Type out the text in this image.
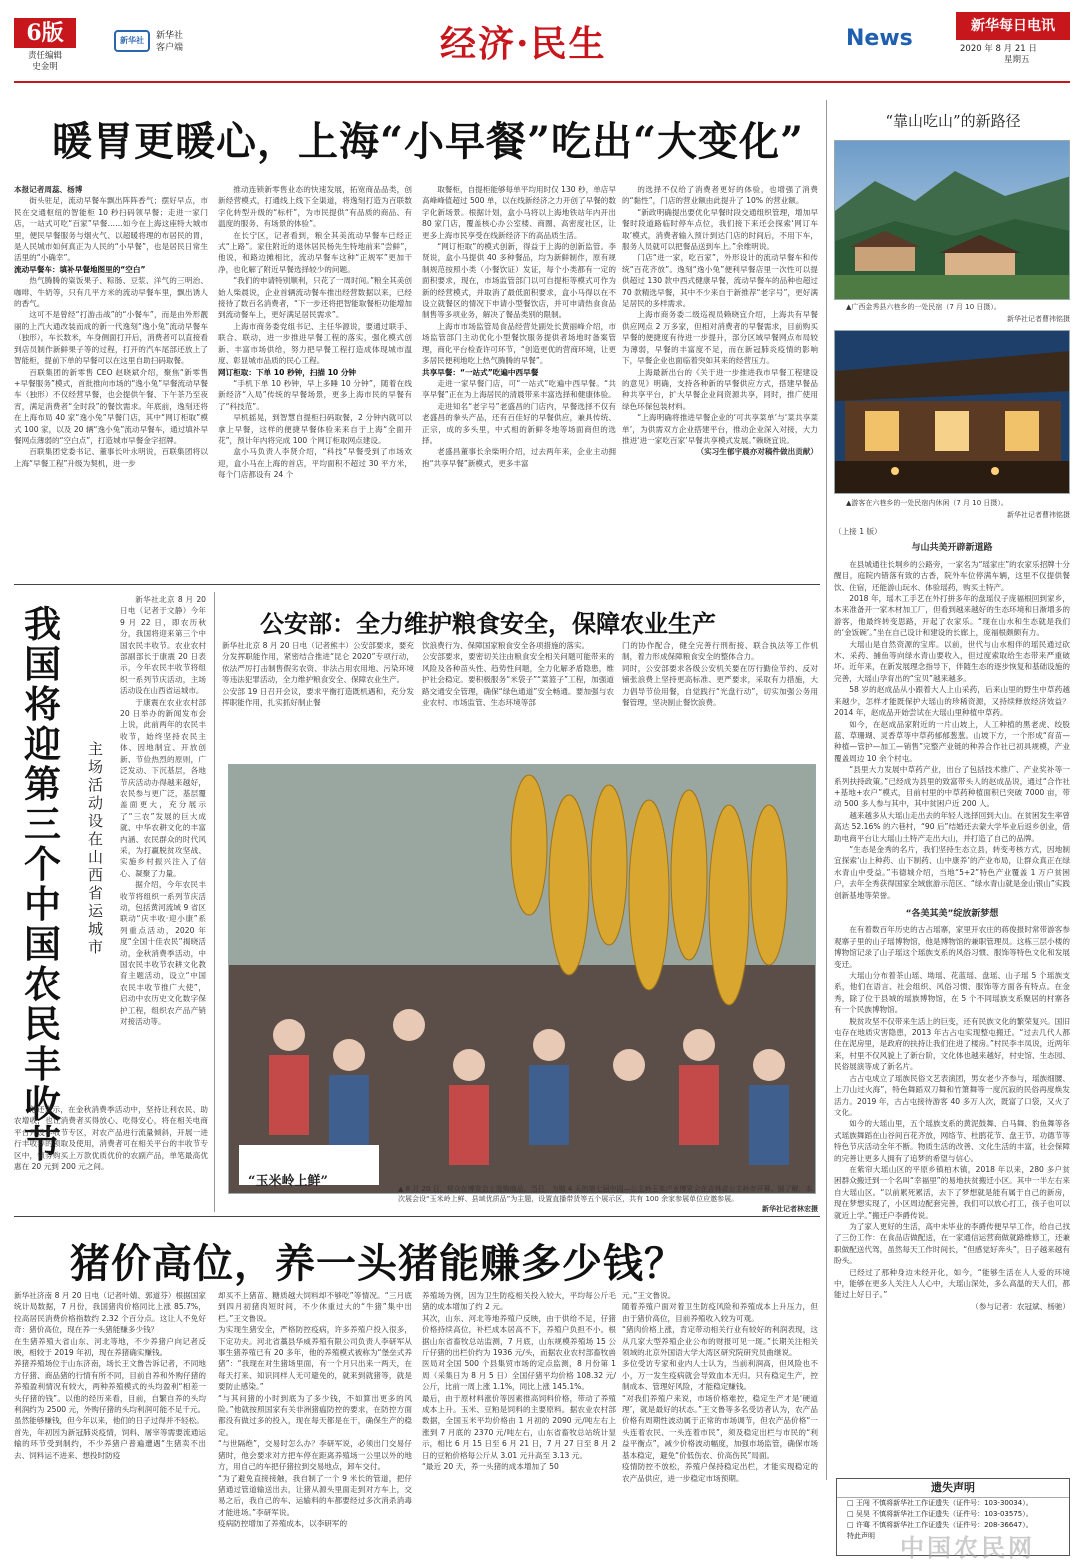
6版
责任编辑
史金明
新华社	新华社
客户端	经济·民生	News	新华每日电讯
2020 年 8 月 21 日
星期五
暖胃更暖心，上海“小早餐”吃出“大变化”
本报记者周蕊、杨博

街头驻足，流动早餐车飘出阵阵香气；摆好早点，市民在交通枢纽的智能柜 10 秒扫码领早餐；走进一家门店，一站式可吃“百家”早餐……如今在上海这座特大城市里，便民早餐服务与烟火气、以超暖将理的布居民的胃，是人民城市如何真正为人民的“小早餐”，也是居民日常生活里的“小确幸”。

流动早餐车：填补早餐地图里的“空白”

热气腾腾的粢饭果子、粽肠、豆浆、洋气的三明治、咖啡、牛奶等，只有几平方米的流动早餐车里，飘出诱人的香气。

这可不是曾经“打游击战”的“小餐车”，而是由外形靓丽的上汽大通改装而成的新一代逸刻“逸小兔”流动早餐车（独形），车长数米，车身侧面打开后，消费者可以直接看到店员制作新鲜果子等的过程，打开的汽车尾部还放上了智能柜，提前下单的早餐可以在这里自助扫码取餐。

百联集团的新零售 CEO 赵晓斌介绍，聚焦“新零售+早餐服务”模式，首批推向市场的“逸小兔”早餐流动早餐车（独形）不仅经营早餐，也会提供午餐、下午茶乃至夜宵，满足消费者“全时段”的餐饮需求。年底前，逸刻还将在上海布局 40 家“逸小兔”早餐门店，其中“网订柜取”模式 100 家，以及 20 辆“逸小兔”流动早餐车，通过填补早餐网点薄弱的“空白点”，打造城市早餐金字招牌。

百联集团党委书记、董事长叶永明说，百联集团将以上海“早餐工程”升级为契机，进一步

推动连锁新零售业态的快速发展，拓宽商品品类，创新经营模式，打通线上线下全渠道，将逸刻打造为百联数字化转型升级的“标杆”，为市民提供“有品质的商品、有温度的服务、有场景的体验”。

在长宁区，记者看到，粮全其美流动早餐车已经正式“上路”。家住附近的退休居民杨先生特地前来“尝鲜”，他说，和路边摊相比，流动早餐车这种“正规军”更加干净，也化解了附近早餐选择较少的问题。

“我们的申请特别顺利，只花了一周时间。”粮全其美创始人柴晨说，企业首辆流动餐车推出经营数据以来，已经接待了数百名消费者，“下一步还将把智能取餐柜功能增加到流动餐车上，更好满足居民需求”。

上海市商务委党组书记、主任华源说，要通过联手、联合、联动，进一步推进早餐工程的落实，强化模式创新、丰富市场供给，努力把早餐工程打造成体现城市温度、彰显城市品质的民心工程。

网订柜取：下单 10 秒钟，扫描 10 分钟

“手机下单 10 秒钟，早上多睡 10 分钟”，随着在线新经济“入局”传统的早餐场景，更多上海市民的早餐有了“科技范”。

早机摇晃，到智慧自提柜扫码取餐，2 分钟内就可以拿上早餐，这样的便捷早餐体验来来自于上海“全面开花”，预计年内将完成 100 个网订柜取网点建设。

盒小马负责人李贤介绍，“科技”早餐受到了市场欢迎，盒小马在上海的首店，平均面积不超过 30 平方米，每个门店都设有 24 个

取餐柜，自提柜能够每单平均用时仅 130 秒，单店早高峰峰值超过 500 单，以在线新经济之力开创了早餐的数字化新场景。根据计划，盒小马将以上海地铁站年内开出 80 家门店，覆盖核心办公室楼、商圈、高密度社区，让更多上海市民享受在线新经济下的高品质生活。

“网订柜取”的模式创新，得益于上海的创新监管。李贤说，盒小马提供 40 多种餐品，均为新鲜制作，原有规制规范按照小类（小餐饮证）发证，每个小类都有一定的面积要求，现在，市场监管部门以可自提柜等模式可作为新的经营模式，并取消了最低面积要求，盒小马得以在不设立就餐区的情况下申请小型餐饮店，并可申请热食食品制售等多项业务，解决了餐品类别的限制。

上海市市场监管局食品经营处副处长黄丽峰介绍，市场监管部门主动优化小型餐饮服务提供者场地时备案管理，商化平台检查许可环节，“创造更优的营商环境，让更多居民便利地吃上热气腾腾的早餐”。

共享早餐：“一站式”吃遍中西早餐

走进一家早餐门店，可“一站式”吃遍中西早餐。“共享早餐”正在为上海居民的清晨带来丰富选择和健康体验。

走进知名“老字号”老盛昌的门店内，早餐选择不仅有老盛昌的拳头产品，还有百佳好的早餐供应，兼具传统、正宗，成的多头里，中式相的新鲜冬地等场面商但的选择。

老盛昌董事长余柴明介绍，过去两年来，企业主动拥抱“共享早餐”新模式，更多丰富

的选择不仅给了消费者更好的体验，也增强了消费的“黏性”，门店的营业额由此提升了 10% 的营业额。

“新政明确提出要优化早餐时段交通组织管理，增加早餐时段道路临时停车点位，我们接下来还会探索‘网订车取’模式，消费者输入预计到达门店的时间后，不用下车，服务人员就可以把餐品送到车上。”余维明说。

门店“进一家，吃百家”，外形设计的流动早餐车和传统“百花齐放”。逸刻“逸小兔”便利早餐店里一次性可以提供超过 130 款中西式健康早餐，流动早餐车的品种也超过 70 款精选早餐，其中不少来自于新推荐“老字号”，更好满足居民的多样需求。

上海市商务委二级巡视员赖晓宜介绍，上海共有早餐供应网点 2 万多家，但相对消费者的早餐需求，目前购买早餐的便捷度有待进一步提升，部分区域早餐网点布局较为薄弱，早餐的丰富度不足，而在新冠肺炎疫情的影响下，早餐企业也面临着突如其来的经营压力。

上海最新出台的《关于进一步推进我市早餐工程建设的意见》明确，支持各种新的早餐供应方式，搭建早餐品种共享平台，扩大早餐企业间资源共享，同时，推广使用绿色环保包装材料。

“上海明确将推进早餐企业的‘可共享菜单’与‘菜共享菜单’，为供需双方企业搭建平台，推动企业深入对接，大力推进‘进一家吃百家’早餐共享模式发展。”赖晓宜说。

（实习生郁宇晨亦对稿件做出贡献）
“靠山吃山”的新路径
▲广西金秀县六巷乡的一处民宿（7 月 10 日摄）。
新华社记者曹祎铭摄
▲游客在六巷乡的一处民宿内休闲（7 月 10 日摄）。
新华社记者曹祎铭摄
（上接 1 版）
与山共美开辟新道路

在县城通往长垌乡的公路旁，一家名为“瑶家庄”的农家乐招牌十分醒目，庭院内错落有致的古香，院外车位停满车辆，这里不仅提供餐饮、住宿，还能游山玩水、体验瑶药，购买土特产。

2018 年，瑶木工手艺在外打拼多年的盘瑶仪子庞福根回到家乡，本来准备开一家木材加工厂，但看到越来越好的生态环境和日渐增多的游客，他最终转变思路，开起了农家乐。“现在山水和生态就是我们的‘金饭碗’。”坐在自己设计和建设的长廊上，庞福根颇颇有力。

大瑶山是自然资源的宝库。以前，世代与山水相伴的瑶民通过砍木、采药、捕鱼等向绿水青山要收入，但过度索取给生态带来严重破坏。近年来，在新发展理念指导下，伴随生态的逐步恢复和基础设施的完善，大瑶山孕育出的“宝贝”越来越多。

58 岁的赵成品从小跟着大人上山采药，后来山里的野生中草药越来越少，怎样才能既保护大瑶山的珍稀资源，又持续释放经济效益？2014 年，赵成品开始尝试在大瑶山里种植中草药。

如今，在赵成品家附近的一片山坡上，人工种植的黑老虎、绞股蓝、草珊瑚、灵香草等中草药郁郁葱葱。山坡下方，一个形成“育苗—种植—管护—加工—销售”完整产业链的种养合作社已初具规模，产业覆盖周边 10 余个村屯。

“县里大力发展中草药产业，出台了包括技术推广、产业奖补等一系列扶持政策。”已经成为县里的致富带头人的赵成品说，通过“合作社+基地+农户”模式，目前村里的中草药种植面积已突破 7000 亩，带动 500 多人参与其中，其中贫困户近 200 人。

越来越多从大瑶山走出去的年轻人选择回到大山。在贫困发生率曾高达 52.16% 的六巷村，“90 后”结婚还去蒙大学毕业后返乡创业，借助电商平台让大瑶山土特产走出大山，并打造了自己的品牌。

“生态是金秀的名片，我们坚持生态立县，转变考核方式，因地制宜探索‘山上种药、山下制药、山中康养’的产业布局，让群众真正在绿水青山中受益。”韦德城介绍，当地“5+2”特色产业覆盖 1 万户贫困户，去年全秀获得国家全域旅游示范区、“绿水青山就是金山银山”实践创新基地等荣誉。

“各美其美”绽放新梦想

在有着数百年历史的古占瑶寨，家里开农庄的蒋俊报时常带游客参观寨子里的山子瑶博物馆，他是博物馆的兼职管理员。这栋三层小楼的博物馆记录了山子瑶这个瑶族支系的风俗习惯、服饰等特色文化和发展变迁。

大瑶山分布着茶山瑶、坳瑶、花蓝瑶、盘瑶、山子瑶 5 个瑶族支系，他们在语言、社会组织、风俗习惯、服饰等方面各有特点。在金秀，除了位于县城的瑶族博物馆，在 5 个不同瑶族支系聚居的村寨各有一个民族博物馆。

脱贫攻坚不仅带来生活上的巨变，还有民族文化的繁荣复兴。国旧屯存在地质灾害隐患，2013 年古占屯实现整屯搬迁。“过去几代人都住在泥房里，是政府的扶持让我们住进了楼房。”村民李丰凤说，近两年来，村里不仅风貌上了新台阶，文化体也越来越好，村史馆、生态园、民俗展演等成了新名片。

古占屯成立了瑶族民俗文艺表演团，男女老少齐参与，瑶族细腰、上刀山过火海”，特色舞蹈双刀舞和竹箫舞等一度沉寂的民俗再度焕发活力。2019 年，古占屯接待游客 40 多万人次，既富了口袋，又火了文化。

如今的大瑶山里，五个瑶族支系的黄泥鼓舞、白马舞、豹鱼舞等各式瑶族舞蹈在山谷间百花齐放，网络节、杜鹃花节、盘王节、功德节等特色节庆活动全年不断。物质生活的改善、文化生活的丰富，社会保障的完善让更多人拥有了追梦的希望与信心。

在紫帘大瑶山区的平原乡镇柏木镇，2018 年以来，280 多户贫困群众搬迁到一个名叫“幸福里”的易地扶贫搬迁小区。其中一半左右来自大瑶山区。“以前累死累活，去下了梦想就是能有属于自己的新房，现在梦想实现了，小区周边配套完善，我们可以放心打工，孩子也可以就近上学。”搬迁户李爵传说。

为了家人更好的生活，高中未毕业的李爵传便早早工作，给自己找了三份工作：在食品店做配送，在一家通信运营商做就路维修工，还兼职做配送代驾，虽然每天工作时间长，“但感觉好奔头”，日子越来越有盼头。

已经过了那种身边未经开化，如今，“能够生活在人人爱的环境中，能够在更多人关注人人心中，大瑶山深处，多么高温的天人们，都能过上好日子。”

（参与记者：农冠斌、杨驰）
我国将迎第三个中国农民丰收节
主场活动设在山西省运城市

新华社北京 8 月 20 日电（记者于文静）今年 9 月 22 日，即农历秋分，我国将迎来第三个中国农民丰收节。农业农村部副部长于康震 20 日表示，今年农民丰收节将组织一系列节庆活动，主场活动设在山西省运城市。

于康震在农业农村部 20 日举办的新闻发布会上说，此前两年的农民丰收节，始终坚持农民主体、因地制宜、开放创新、节俭热烈的原则，广泛发动、下沉基层，各地节庆活动办得越来越好，农民参与更广泛，基层覆盖面更大，充分展示了“三农”发展的巨大成就、中华农耕文化的丰富内涵、农民群众的时代风采，为打赢脱贫攻坚战、实施乡村振兴注入了信心、凝聚了力量。

据介绍，今年农民丰收节将组织一系列节庆活动，包括黄河流域 9 省区联动“庆丰收·迎小康”系列重点活动，2020 年度“全国十佳农民”揭晓活动，金秋消费季活动，中国农民丰收节农耕文化教育主题活动，设立“中国农民丰收节推广大使”，启动中农历史文化数字保护工程，组织农产品产销对接活动等。

他还表示，在金秋消费季活动中，坚持让利农民、助农增收，也让消费者买得放心、吃得安心，将在相关电商平台开设丰收节专区，对农产品进行流量倾斜，开展一进行丰收券的领取及使用，消费者可在相关平台的丰收节专区中，领券购买上万款优质优价的农副产品，单笔最高优惠在 20 元到 200 元之间。

公安部：全力维护粮食安全，保障农业生产
新华社北京 8 月 20 日电（记者熊丰）公安部要求，要充分发挥职能作用，紧密结合推进“昆仑 2020”专项行动，依法严厉打击制售假劣农资、非法占用农用地、污染环境等违法犯罪活动，全力维护粮食安全、保障农业生产。
公安部 19 日召开会议，要求平衡打造既机遇和，充分发挥职能作用，扎实抓好制止餐
饮浪费行为、保障国家粮食安全各项措施的落实。
公安部要求，要密切关注由粮食安全相关问题可能带来的风险及各种苗头性、趋势性问题，全力化解矛盾隐患，维护社会稳定。要积极服务“米袋子”“菜篮子”工程，加强道路交通安全管理，确保“绿色通道”安全畅通。要加强与农业农村、市场监管、生态环境等部
门的协作配合，健全完善行刑衔接、联合执法等工作机制，着力形成保障粮食安全的整体合力。
同时，公安部要求各级公安机关要在厉行勤俭节约、反对铺张浪费上坚持更高标准、更严要求，采取有力措施，大力倡导节俭用餐，自觉践行“光盘行动”，切实加强公务用餐管理，坚决制止餐饮浪费。
“玉米岭上鲜”	▲ 8 月 20 日，观众在博览会上选购商品。当日，为期 4 天的第七届中国—公主岭玉米产业博览会在吉林省公主岭市开幕。展了解，本次展会设“玉米岭上鲜、县域优质品”为主题，设置直播带货等五个展示区，共有 100 余家参展单位应邀参展。
新华社记者林宏摄
猪价高位，养一头猪能赚多少钱？
新华社济南 8 月 20 日电（记者叶婧、郭道芬）根据国家统计局数据，7 月份，我国猪肉价格同比上涨 85.7%，拉高居民消费价格指数约 2.32 个百分点。这让人不免好奇：猪价高位，现在养一头猪能赚多少钱？
在生猪养殖大省山东、河北等地，不少养猪户向记者反映，相较于 2019 年初，现在养猪确实赚钱。
养猪养殖场位于山东济南，场长王文鲁告诉记者，不同地方仔猪、商品猪的行情有所不同，目前自养和外购仔猪的养殖盈利情况有较大，两种养殖模式的头均盈利“相差一头仔猪的钱”。以他的经历来看，目前，自繁自养的头均利润约为 2500 元，外购仔猪的头均利润可能不足千元。
虽然能够赚钱，但今年以来，他们的日子过得并不轻松。
首先，年初因为新冠肺炎疫情，饲料、屠宰等需要流通运输的环节受到制约，不少养猪户普遍遭遇“生猪卖不出去、饲料运不进来、想投时防疫
却买不上猪苗、糖质越大饲料却不够吃”等情况。“三月底到四月初猪肉短时间，不少休重过大的“牛猪”集中出栏。”王文鲁说。
为实现生猪安全，严格防控疫病，许多养殖户投入很多，下定功夫。河北省藁县华威养殖有限公司负责人李研军从事生猪养殖已有 20 多年，他的养殖模式被称为“堡垒式养猪”：“我现在对生猪场里面，有一个月只出来一两天，在每天打来、知识同样人无可避免的，就来到就猪等，就是要防止感染。”
“与其问猪的小时到底为了多少钱，不如算出更多的风险。”他就按照国家有关非洲猪瘟防控的要求，在防控方面都没有做过多的投入，现在每天都是在干，确保生产的稳定。
“与世隔绝”，交易时怎么办？李研军说，必须出门交易仔猪时，他会要求对方把车停在距离养殖场一公里以外的地方，用自己的车把仔猪拉到交易地点，卸车交付。
“为了避免直接接触，我自制了一个 9 米长的管道，把仔猪通过管道输送出去，让猪从源头里面走到对方车上，交易之后，我自己的车、运输料的车都要经过多次消杀消毒才能进场。”李研军说。
疫病防控增加了养殖成本，以李研军的
养殖场为例，因为卫生防疫相关投入较大，平均每公斤毛猪的成本增加了约 2 元。
其次，山东、河北等地养殖户反映，由于供给不足，仔猪价格持续高位，补栏成本居高不下，养殖户负担不小。根据山东省畜牧总站监测，7 月底，山东规模养殖场 15 公斤仔猪的出栏价约为 1936 元/头，而据农业农村部畜牧兽医局对全国 500 个县集贸市场的定点监测，8 月份第 1 周（采集日为 8 月 5 日）全国仔猪平均价格 108.32 元/公斤，比前一周上涨 1.1%，同比上涨 145.1%。
最后，由于原材料涨价等因素推高饲料价格，带动了养殖成本上升。玉米、豆粕是饲料的主要原料。据农业农村部数据，全国玉米平均价格由 1 月初的 2090 元/吨左右上涨到 7 月底的 2370 元/吨左右，山东省畜牧总站统计显示，相比 6 月 15 日至 6 月 21 日，7 月 27 日至 8 月 2 日的豆粕价格每公斤从 3.01 元升高至 3.13 元。
“最近 20 天，养一头猪的成本增加了 50
元。”王文鲁说。
随着养殖户面对着卫生防疫风险和养殖成本上升压力，但由于猪价高位，目前养殖收入较为可观。
“猪肉价格上涨，肯定带动相关行业有较好的利润表现，这从几家大型养殖企业公布的财报可见一斑。”长期关注相关领域的北京外国语大学大湾区研究院研究员曲继说。
多位受访专家和业内人士认为，当前利润高，但风险也不小，万一发生疫病就会导致血本无归。只有稳定生产，控制成本、管理好风险，才能稳定赚钱。
“对我们养殖户来说，市场价格难控，稳定生产才是‘硬道理’，就是最好的状态。”王文鲁等多名受访者认为，农产品价格有周期性波动属于正常的市场调节，但农产品价格“一头连着农民、一头连着市民”，须及稳定出栏与市民的“利益平衡点”，减少价格波动幅度，加强市场监管，确保市场基本稳定，避免“价低伤农、价高伤民”局面。
疫情防控不放松，养殖户保持稳定出栏，才能实现稳定的农产品供应，进一步稳定市场预期。
遗失声明
□ 王闯 不慎将新华社工作证遗失（证件号：103-30034）。
□ 吴昊 不慎将新华社工作证遗失（证件号：103-03575）。
□ 许骞 不慎将新华社工作证遗失（证件号：208-36647）。
特此声明	中国农民网
